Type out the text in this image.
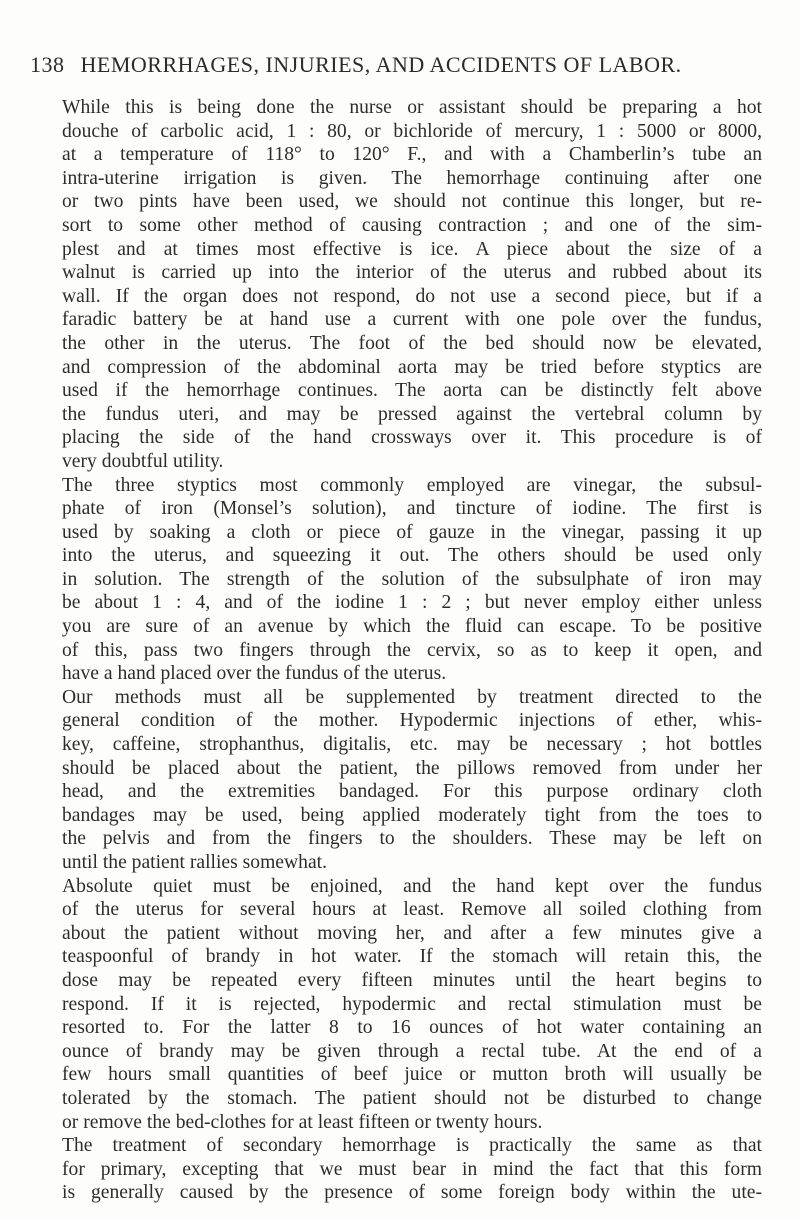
138 HEMORRHAGES, INJURIES, AND ACCIDENTS OF LABOR.
While this is being done the nurse or assistant should be preparing a hot
douche of carbolic acid, 1 : 80, or bichloride of mercury, 1 : 5000 or 8000,
at a temperature of 118° to 120° F., and with a Chamberlin’s tube an
intra-uterine irrigation is given. The hemorrhage continuing after one
or two pints have been used, we should not continue this longer, but re-
sort to some other method of causing contraction ; and one of the sim-
plest and at times most effective is ice. A piece about the size of a
walnut is carried up into the interior of the uterus and rubbed about its
wall. If the organ does not respond, do not use a second piece, but if a
faradic battery be at hand use a current with one pole over the fundus,
the other in the uterus. The foot of the bed should now be elevated,
and compression of the abdominal aorta may be tried before styptics are
used if the hemorrhage continues. The aorta can be distinctly felt above
the fundus uteri, and may be pressed against the vertebral column by
placing the side of the hand crossways over it. This procedure is of
very doubtful utility.
The three styptics most commonly employed are vinegar, the subsul-
phate of iron (Monsel’s solution), and tincture of iodine. The first is
used by soaking a cloth or piece of gauze in the vinegar, passing it up
into the uterus, and squeezing it out. The others should be used only
in solution. The strength of the solution of the subsulphate of iron may
be about 1 : 4, and of the iodine 1 : 2 ; but never employ either unless
you are sure of an avenue by which the fluid can escape. To be positive
of this, pass two fingers through the cervix, so as to keep it open, and
have a hand placed over the fundus of the uterus.
Our methods must all be supplemented by treatment directed to the
general condition of the mother. Hypodermic injections of ether, whis-
key, caffeine, strophanthus, digitalis, etc. may be necessary ; hot bottles
should be placed about the patient, the pillows removed from under her
head, and the extremities bandaged. For this purpose ordinary cloth
bandages may be used, being applied moderately tight from the toes to
the pelvis and from the fingers to the shoulders. These may be left on
until the patient rallies somewhat.
Absolute quiet must be enjoined, and the hand kept over the fundus
of the uterus for several hours at least. Remove all soiled clothing from
about the patient without moving her, and after a few minutes give a
teaspoonful of brandy in hot water. If the stomach will retain this, the
dose may be repeated every fifteen minutes until the heart begins to
respond. If it is rejected, hypodermic and rectal stimulation must be
resorted to. For the latter 8 to 16 ounces of hot water containing an
ounce of brandy may be given through a rectal tube. At the end of a
few hours small quantities of beef juice or mutton broth will usually be
tolerated by the stomach. The patient should not be disturbed to change
or remove the bed-clothes for at least fifteen or twenty hours.
The treatment of secondary hemorrhage is practically the same as that
for primary, excepting that we must bear in mind the fact that this form
is generally caused by the presence of some foreign body within the ute-
